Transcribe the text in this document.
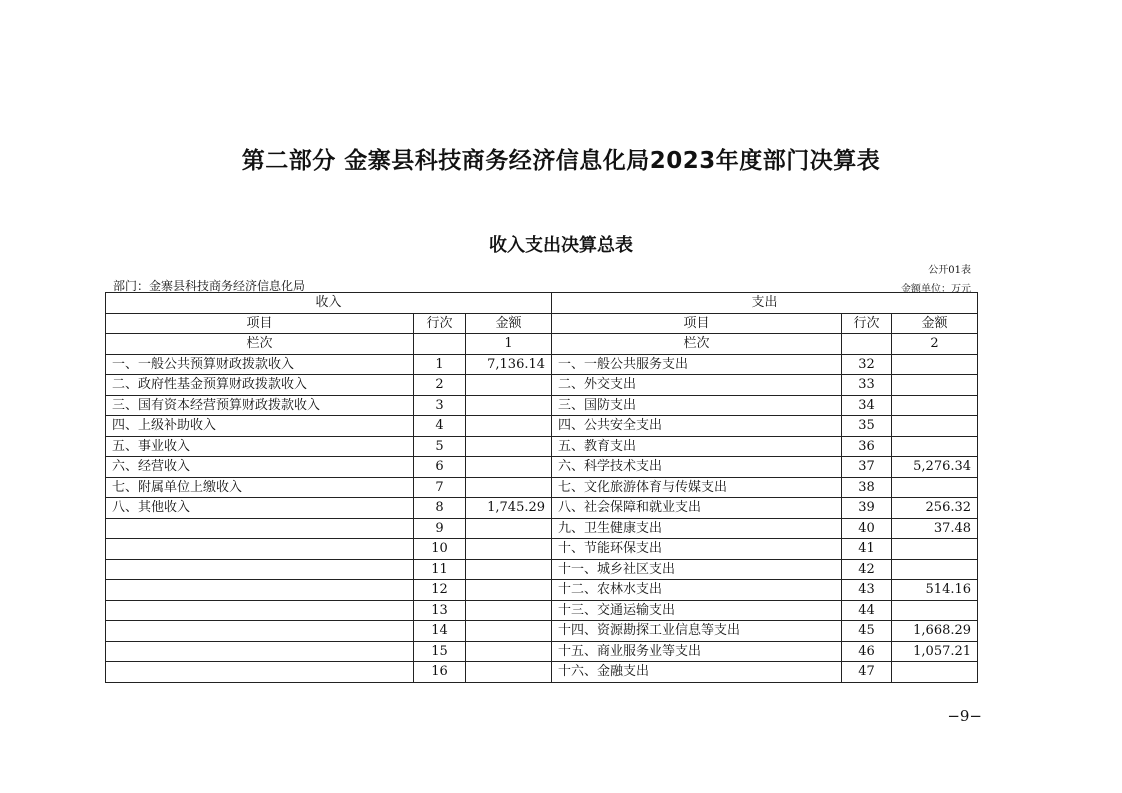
第二部分 金寨县科技商务经济信息化局2023年度部门决算表
收入支出决算总表
公开01表
部门：金寨县科技商务经济信息化局	金额单位：万元
收入			支出		
项目	行次	金额	项目	行次	金额
栏次		1	栏次		2
一、一般公共预算财政拨款收入	1	7,136.14	一、一般公共服务支出	32	
二、政府性基金预算财政拨款收入	2		二、外交支出	33	
三、国有资本经营预算财政拨款收入	3		三、国防支出	34	
四、上级补助收入	4		四、公共安全支出	35	
五、事业收入	5		五、教育支出	36	
六、经营收入	6		六、科学技术支出	37	5,276.34
七、附属单位上缴收入	7		七、文化旅游体育与传媒支出	38	
八、其他收入	8	1,745.29	八、社会保障和就业支出	39	256.32
	9		九、卫生健康支出	40	37.48
	10		十、节能环保支出	41	
	11		十一、城乡社区支出	42	
	12		十二、农林水支出	43	514.16
	13		十三、交通运输支出	44	
	14		十四、资源勘探工业信息等支出	45	1,668.29
	15		十五、商业服务业等支出	46	1,057.21
	16		十六、金融支出	47	
−9−
